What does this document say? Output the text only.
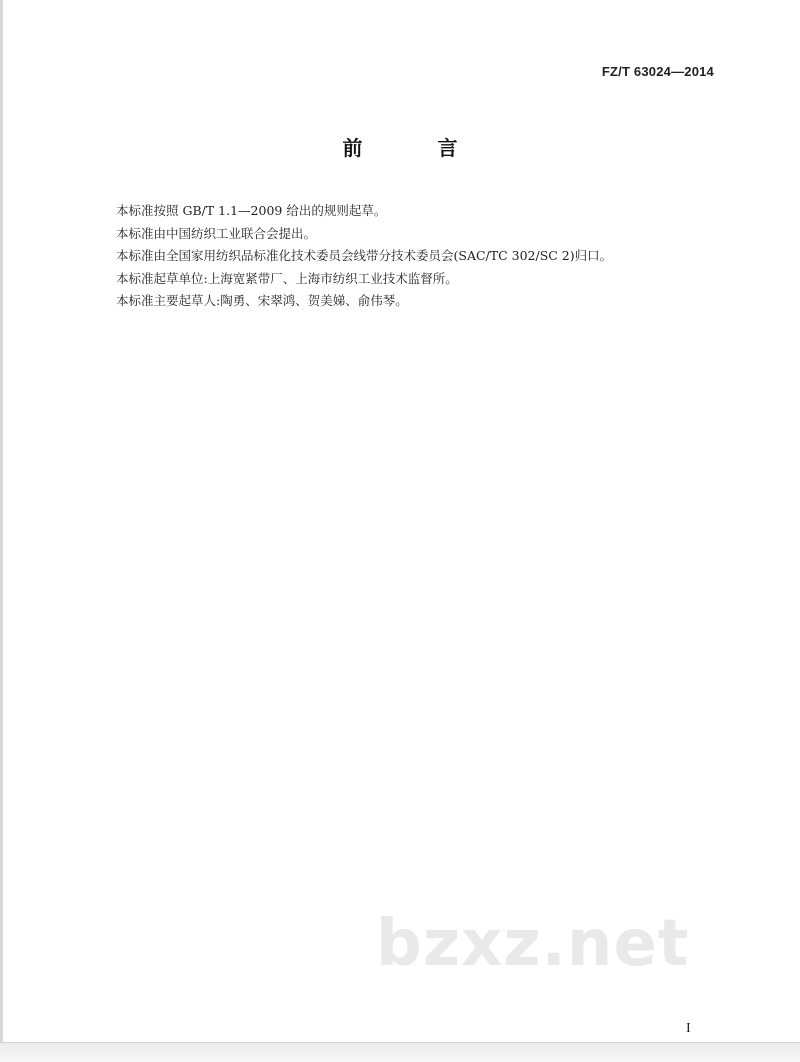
FZ/T 63024—2014
前 言

本标准按照 GB/T 1.1—2009 给出的规则起草。

本标准由中国纺织工业联合会提出。

本标准由全国家用纺织品标准化技术委员会线带分技术委员会(SAC/TC 302/SC 2)归口。

本标准起草单位:上海宽紧带厂、上海市纺织工业技术监督所。

本标准主要起草人:陶勇、宋翠鸿、贺美娣、俞伟琴。

bzxz.net
I
